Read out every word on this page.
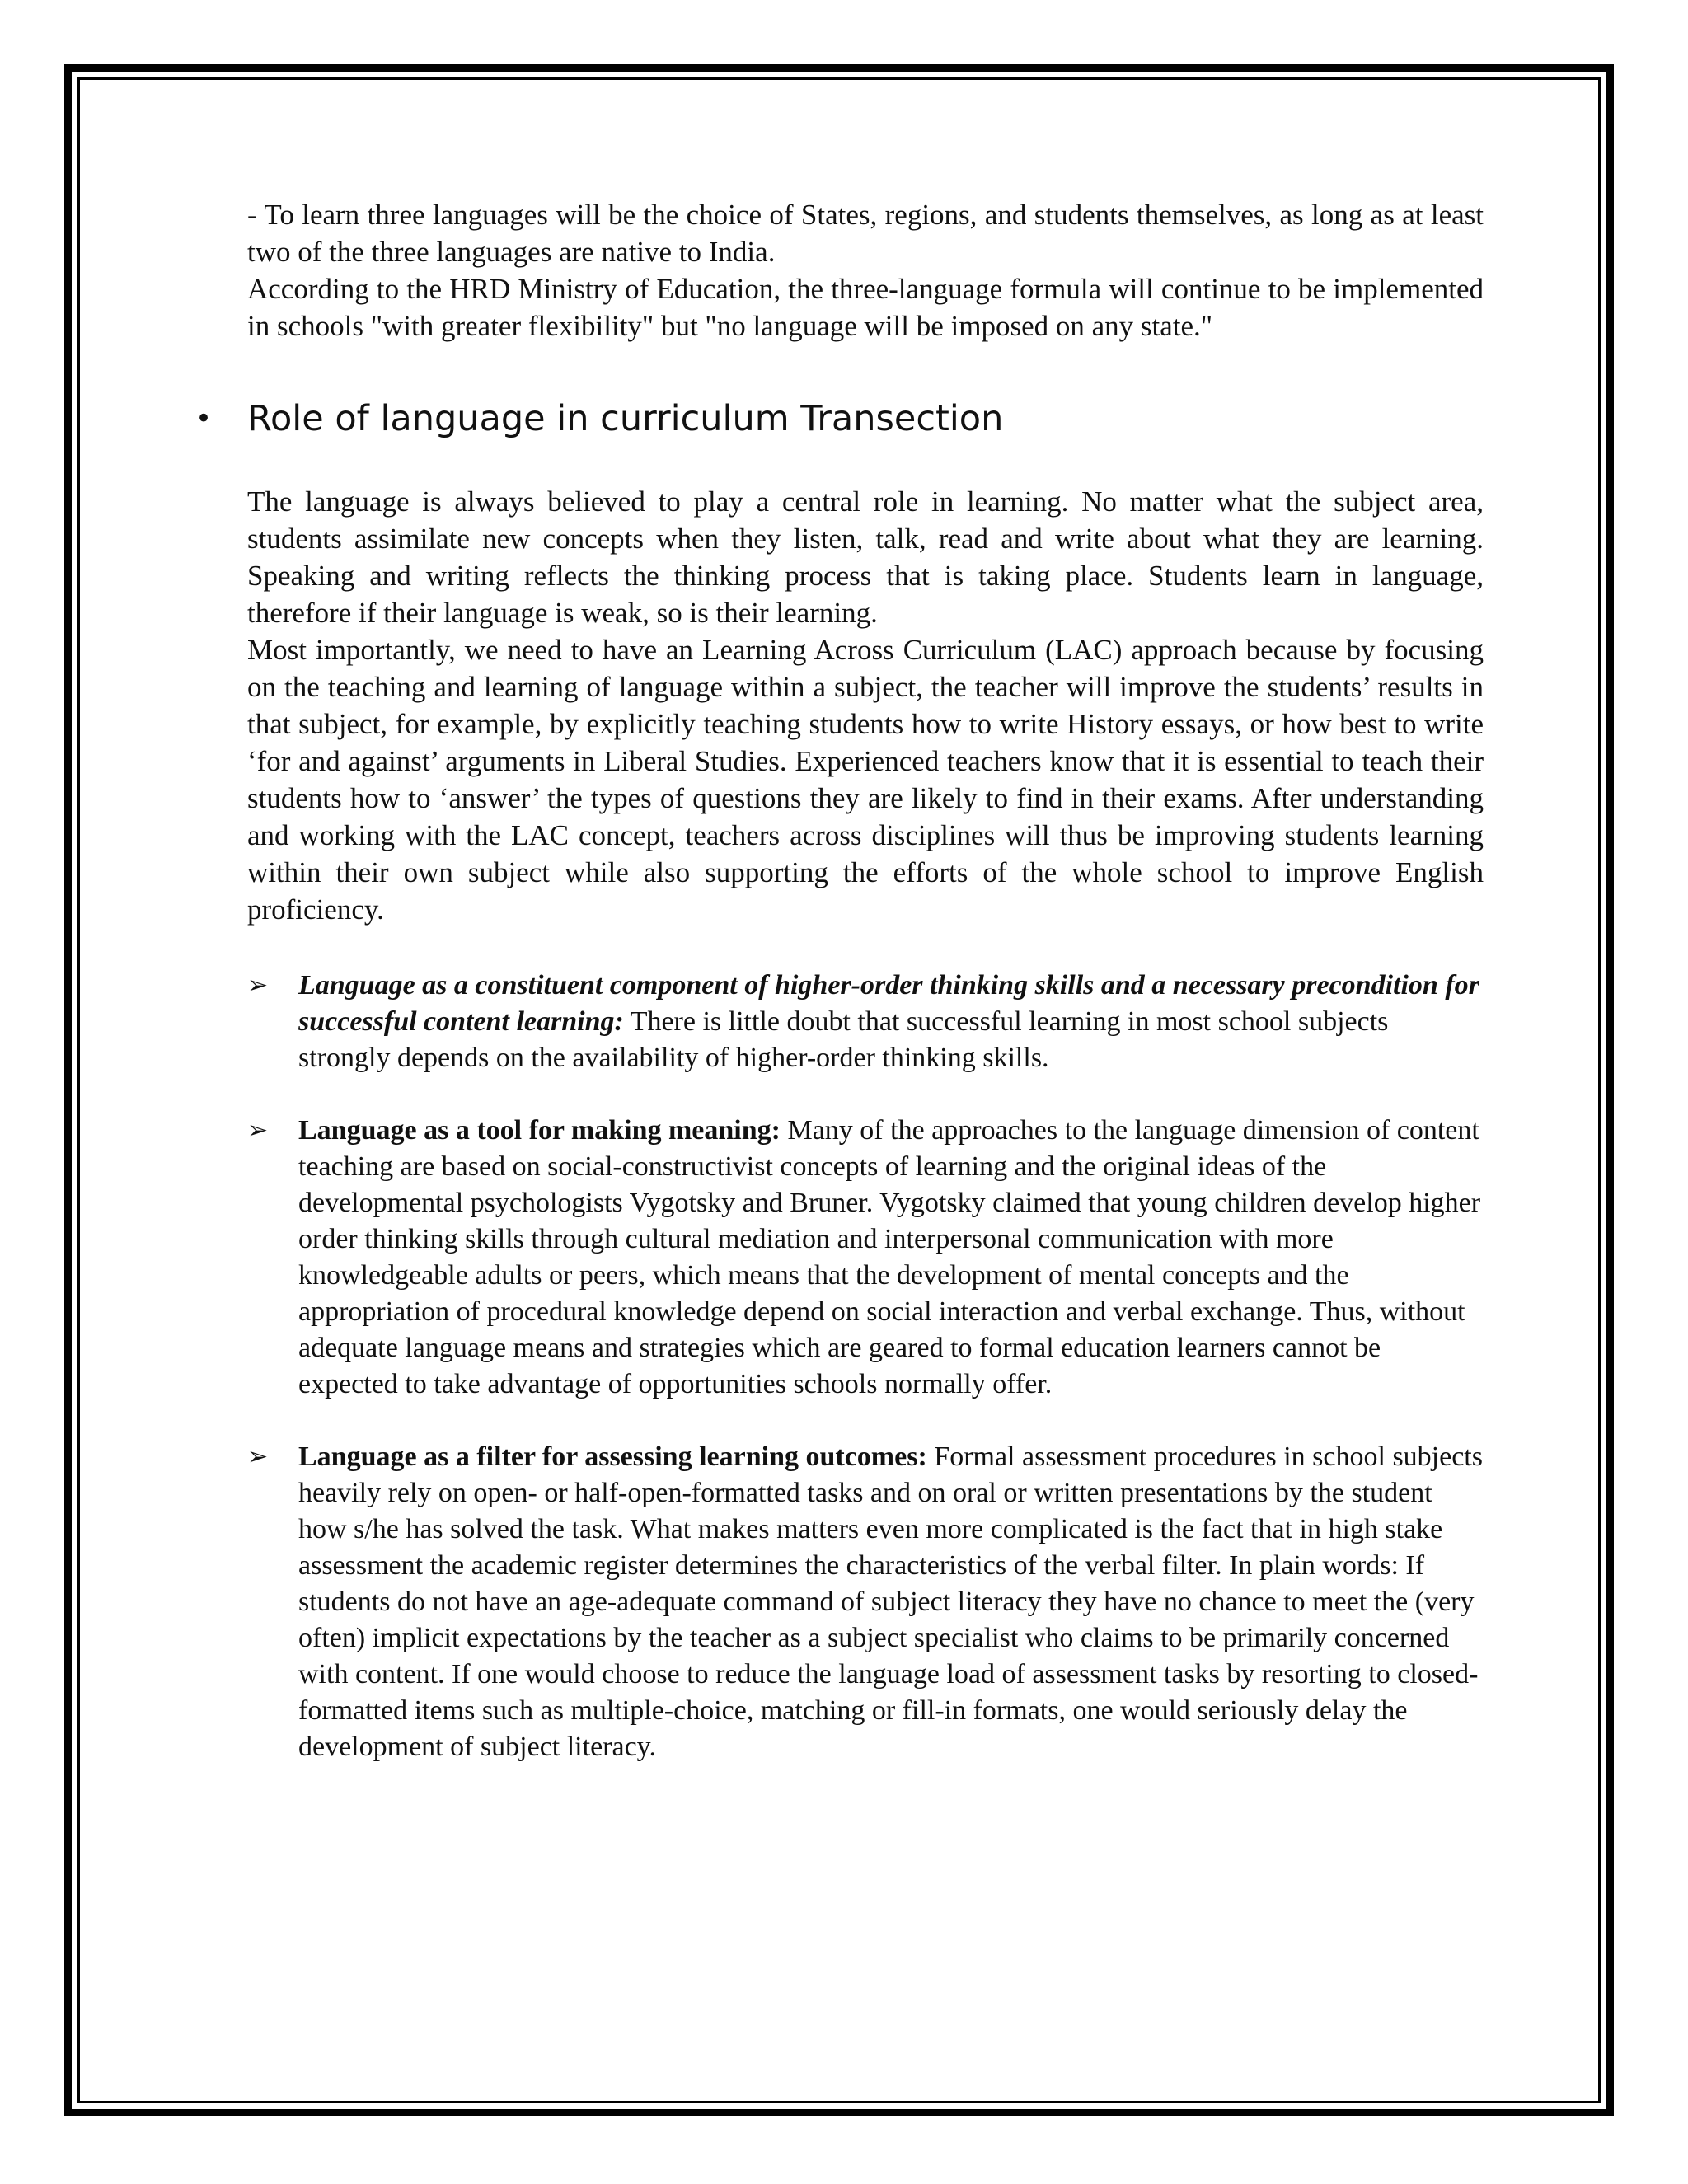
- To learn three languages will be the choice of States, regions, and students themselves, as long as at least two of the three languages are native to India.

According to the HRD Ministry of Education, the three-language formula will continue to be implemented in schools "with greater flexibility" but "no language will be imposed on any state."

• Role of language in curriculum Transection

The language is always believed to play a central role in learning. No matter what the subject area, students assimilate new concepts when they listen, talk, read and write about what they are learning. Speaking and writing reflects the thinking process that is taking place. Students learn in language, therefore if their language is weak, so is their learning.

Most importantly, we need to have an Learning Across Curriculum (LAC) approach because by focusing on the teaching and learning of language within a subject, the teacher will improve the students’ results in that subject, for example, by explicitly teaching students how to write History essays, or how best to write ‘for and against’ arguments in Liberal Studies. Experienced teachers know that it is essential to teach their students how to ‘answer’ the types of questions they are likely to find in their exams. After understanding and working with the LAC concept, teachers across disciplines will thus be improving students learning within their own subject while also supporting the efforts of the whole school to improve English proficiency.

➢ Language as a constituent component of higher-order thinking skills and a necessary precondition for successful content learning: There is little doubt that successful learning in most school subjects strongly depends on the availability of higher-order thinking skills.
➢ Language as a tool for making meaning: Many of the approaches to the language dimension of content teaching are based on social-constructivist concepts of learning and the original ideas of the developmental psychologists Vygotsky and Bruner. Vygotsky claimed that young children develop higher order thinking skills through cultural mediation and interpersonal communication with more knowledgeable adults or peers, which means that the development of mental concepts and the appropriation of procedural knowledge depend on social interaction and verbal exchange. Thus, without adequate language means and strategies which are geared to formal education learners cannot be expected to take advantage of opportunities schools normally offer.
➢ Language as a filter for assessing learning outcomes: Formal assessment procedures in school subjects heavily rely on open- or half-open-formatted tasks and on oral or written presentations by the student how s/he has solved the task. What makes matters even more complicated is the fact that in high stake assessment the academic register determines the characteristics of the verbal filter. In plain words: If students do not have an age-adequate command of subject literacy they have no chance to meet the (very often) implicit expectations by the teacher as a subject specialist who claims to be primarily concerned with content. If one would choose to reduce the language load of assessment tasks by resorting to closed-formatted items such as multiple-choice, matching or fill-in formats, one would seriously delay the development of subject literacy.
